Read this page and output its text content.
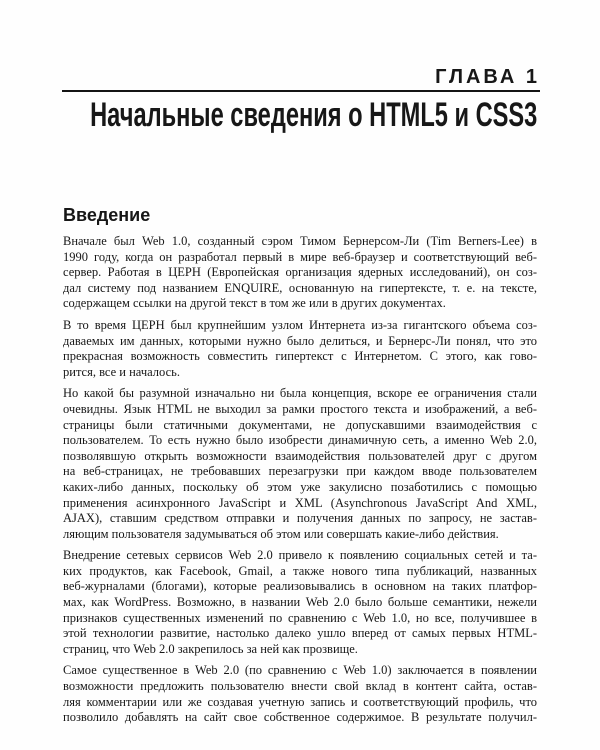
ГЛАВА 1
Начальные сведения о HTML5 и CSS3
Введение
Вначале был Web 1.0, созданный сэром Тимом Бернерсом-Ли (Tim Berners-Lee) в
1990 году, когда он разработал первый в мире веб-браузер и соответствующий веб-
сервер. Работая в ЦЕРН (Европейская организация ядерных исследований), он соз-
дал систему под названием ENQUIRE, основанную на гипертексте, т. е. на тексте,
содержащем ссылки на другой текст в том же или в других документах.
В то время ЦЕРН был крупнейшим узлом Интернета из-за гигантского объема соз-
даваемых им данных, которыми нужно было делиться, и Бернерс-Ли понял, что это
прекрасная возможность совместить гипертекст с Интернетом. С этого, как гово-
рится, все и началось.
Но какой бы разумной изначально ни была концепция, вскоре ее ограничения стали
очевидны. Язык HTML не выходил за рамки простого текста и изображений, а веб-
страницы были статичными документами, не допускавшими взаимодействия с
пользователем. То есть нужно было изобрести динамичную сеть, а именно Web 2.0,
позволявшую открыть возможности взаимодействия пользователей друг с другом
на веб-страницах, не требовавших перезагрузки при каждом вводе пользователем
каких-либо данных, поскольку об этом уже закулисно позаботились с помощью
применения асинхронного JavaScript и XML (Asynchronous JavaScript And XML,
AJAX), ставшим средством отправки и получения данных по запросу, не застав-
ляющим пользователя задумываться об этом или совершать какие-либо действия.
Внедрение сетевых сервисов Web 2.0 привело к появлению социальных сетей и та-
ких продуктов, как Facebook, Gmail, а также нового типа публикаций, названных
веб-журналами (блогами), которые реализовывались в основном на таких платфор-
мах, как WordPress. Возможно, в названии Web 2.0 было больше семантики, нежели
признаков существенных изменений по сравнению с Web 1.0, но все, получившее в
этой технологии развитие, настолько далеко ушло вперед от самых первых HTML-
страниц, что Web 2.0 закрепилось за ней как прозвище.
Самое существенное в Web 2.0 (по сравнению с Web 1.0) заключается в появлении
возможности предложить пользователю внести свой вклад в контент сайта, остав-
ляя комментарии или же создавая учетную запись и соответствующий профиль, что
позволило добавлять на сайт свое собственное содержимое. В результате получил-
